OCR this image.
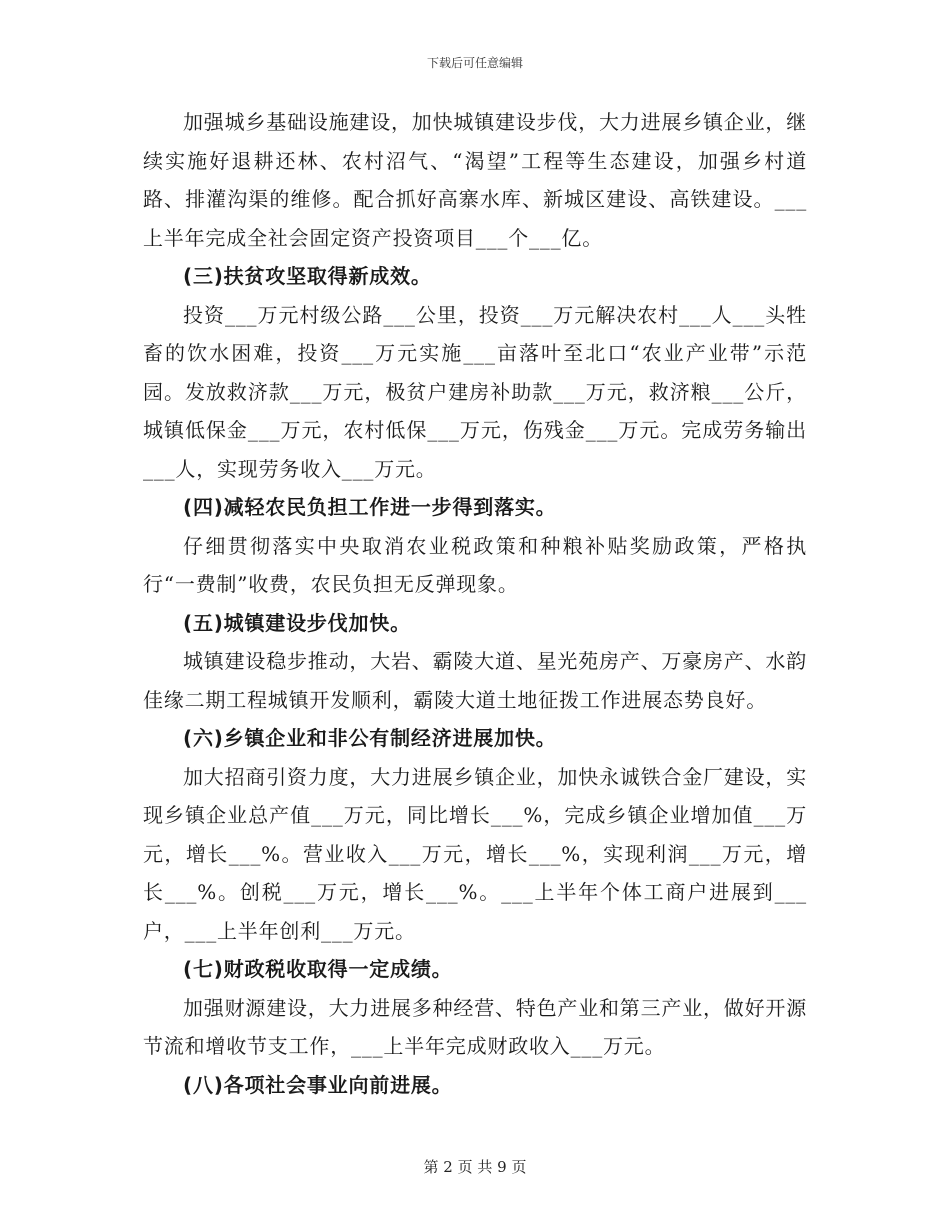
下载后可任意编辑

加强城乡基础设施建设，加快城镇建设步伐，大力进展乡镇企业，继续实施好退耕还林、农村沼气、“渴望”工程等生态建设，加强乡村道路、排灌沟渠的维修。配合抓好高寨水库、新城区建设、高铁建设。___上半年完成全社会固定资产投资项目___个___亿。

(三)扶贫攻坚取得新成效。

投资___万元村级公路___公里，投资___万元解决农村___人___头牲畜的饮水困难，投资___万元实施___亩落叶至北口“农业产业带”示范园。发放救济款___万元，极贫户建房补助款___万元，救济粮___公斤，城镇低保金___万元，农村低保___万元，伤残金___万元。完成劳务输出___人，实现劳务收入___万元。

(四)减轻农民负担工作进一步得到落实。

仔细贯彻落实中央取消农业税政策和种粮补贴奖励政策，严格执行“一费制”收费，农民负担无反弹现象。

(五)城镇建设步伐加快。

城镇建设稳步推动，大岩、霸陵大道、星光苑房产、万豪房产、水韵佳缘二期工程城镇开发顺利，霸陵大道土地征拨工作进展态势良好。

(六)乡镇企业和非公有制经济进展加快。

加大招商引资力度，大力进展乡镇企业，加快永诚铁合金厂建设，实现乡镇企业总产值___万元，同比增长___%，完成乡镇企业增加值___万元，增长___%。营业收入___万元，增长___%，实现利润___万元，增长___%。创税___万元，增长___%。___上半年个体工商户进展到___户，___上半年创利___万元。

(七)财政税收取得一定成绩。

加强财源建设，大力进展多种经营、特色产业和第三产业，做好开源节流和增收节支工作，___上半年完成财政收入___万元。

(八)各项社会事业向前进展。

第 2 页 共 9 页
